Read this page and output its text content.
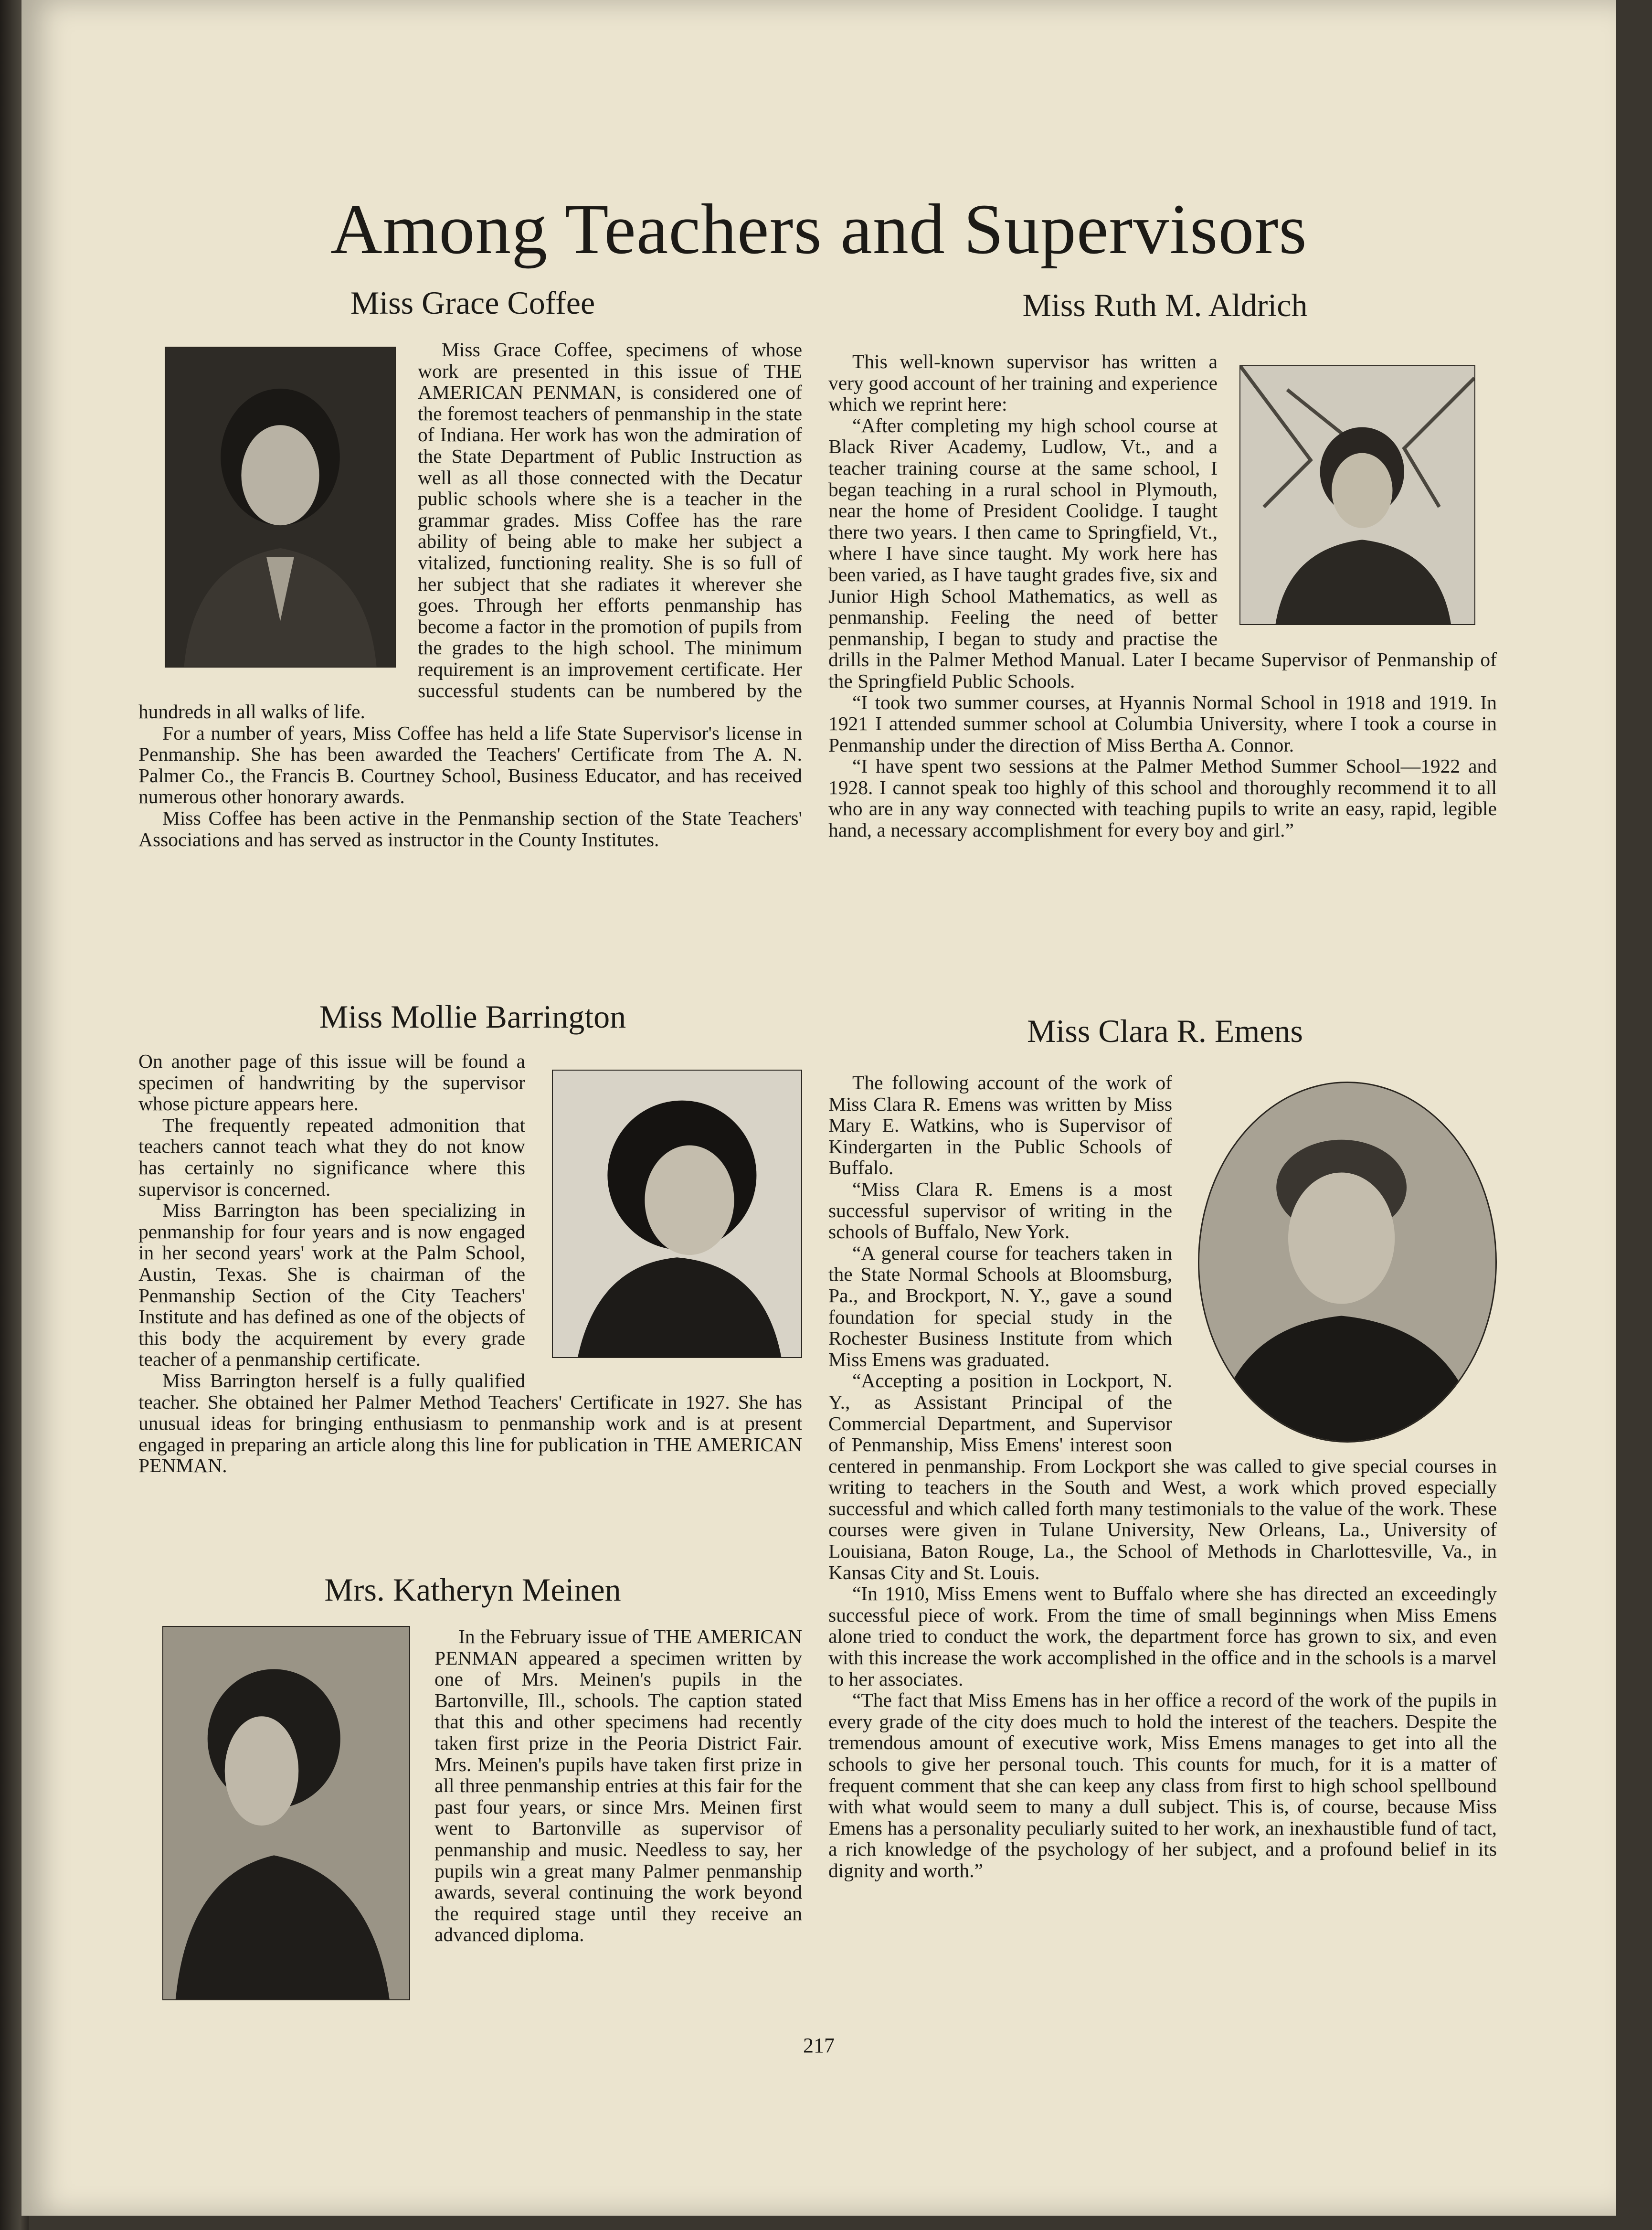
Among Teachers and Supervisors
Miss Grace Coffee

Miss Grace Coffee, specimens of whose work are presented in this issue of THE AMERICAN PENMAN, is considered one of the foremost teachers of penmanship in the state of Indiana. Her work has won the admiration of the State Department of Public Instruction as well as all those connected with the Decatur public schools where she is a teacher in the grammar grades. Miss Coffee has the rare ability of being able to make her subject a vitalized, functioning reality. She is so full of her subject that she radiates it wherever she goes. Through her efforts penmanship has become a factor in the promotion of pupils from the grades to the high school. The minimum requirement is an improvement certificate. Her successful students can be numbered by the hundreds in all walks of life.

For a number of years, Miss Coffee has held a life State Supervisor's license in Penmanship. She has been awarded the Teachers' Certificate from The A. N. Palmer Co., the Francis B. Courtney School, Business Educator, and has received numerous other honorary awards.

Miss Coffee has been active in the Penmanship section of the State Teachers' Associations and has served as instructor in the County Institutes.

Miss Mollie Barrington

On another page of this issue will be found a specimen of handwriting by the supervisor whose picture appears here.

The frequently repeated admonition that teachers cannot teach what they do not know has certainly no significance where this supervisor is concerned.

Miss Barrington has been specializing in penmanship for four years and is now engaged in her second years' work at the Palm School, Austin, Texas. She is chairman of the Penmanship Section of the City Teachers' Institute and has defined as one of the objects of this body the acquirement by every grade teacher of a penmanship certificate.

Miss Barrington herself is a fully qualified teacher. She obtained her Palmer Method Teachers' Certificate in 1927. She has unusual ideas for bringing enthusiasm to penmanship work and is at present engaged in preparing an article along this line for publication in THE AMERICAN PENMAN.

Mrs. Katheryn Meinen

In the February issue of THE AMERICAN PENMAN appeared a specimen written by one of Mrs. Meinen's pupils in the Bartonville, Ill., schools. The caption stated that this and other specimens had recently taken first prize in the Peoria District Fair. Mrs. Meinen's pupils have taken first prize in all three penmanship entries at this fair for the past four years, or since Mrs. Meinen first went to Bartonville as supervisor of penmanship and music. Needless to say, her pupils win a great many Palmer penmanship awards, several continuing the work beyond the required stage until they receive an advanced diploma.

Miss Ruth M. Aldrich

This well-known supervisor has written a very good account of her training and experience which we reprint here:

“After completing my high school course at Black River Academy, Ludlow, Vt., and a teacher training course at the same school, I began teaching in a rural school in Plymouth, near the home of President Coolidge. I taught there two years. I then came to Springfield, Vt., where I have since taught. My work here has been varied, as I have taught grades five, six and Junior High School Mathematics, as well as penmanship. Feeling the need of better penmanship, I began to study and practise the drills in the Palmer Method Manual. Later I became Supervisor of Penmanship of the Springfield Public Schools.

“I took two summer courses, at Hyannis Normal School in 1918 and 1919. In 1921 I attended summer school at Columbia University, where I took a course in Penmanship under the direction of Miss Bertha A. Connor.

“I have spent two sessions at the Palmer Method Summer School—1922 and 1928. I cannot speak too highly of this school and thoroughly recommend it to all who are in any way connected with teaching pupils to write an easy, rapid, legible hand, a necessary accomplishment for every boy and girl.”

Miss Clara R. Emens

The following account of the work of Miss Clara R. Emens was written by Miss Mary E. Watkins, who is Supervisor of Kindergarten in the Public Schools of Buffalo.

“Miss Clara R. Emens is a most successful supervisor of writing in the schools of Buffalo, New York.

“A general course for teachers taken in the State Normal Schools at Bloomsburg, Pa., and Brockport, N. Y., gave a sound foundation for special study in the Rochester Business Institute from which Miss Emens was graduated.

“Accepting a position in Lockport, N. Y., as Assistant Principal of the Commercial Department, and Supervisor of Penmanship, Miss Emens' interest soon centered in penmanship. From Lockport she was called to give special courses in writing to teachers in the South and West, a work which proved especially successful and which called forth many testimonials to the value of the work. These courses were given in Tulane University, New Orleans, La., University of Louisiana, Baton Rouge, La., the School of Methods in Charlottesville, Va., in Kansas City and St. Louis.

“In 1910, Miss Emens went to Buffalo where she has directed an exceedingly successful piece of work. From the time of small beginnings when Miss Emens alone tried to conduct the work, the department force has grown to six, and even with this increase the work accomplished in the office and in the schools is a marvel to her associates.

“The fact that Miss Emens has in her office a record of the work of the pupils in every grade of the city does much to hold the interest of the teachers. Despite the tremendous amount of executive work, Miss Emens manages to get into all the schools to give her personal touch. This counts for much, for it is a matter of frequent comment that she can keep any class from first to high school spellbound with what would seem to many a dull subject. This is, of course, because Miss Emens has a personality peculiarly suited to her work, an inexhaustible fund of tact, a rich knowledge of the psychology of her subject, and a profound belief in its dignity and worth.”

217
